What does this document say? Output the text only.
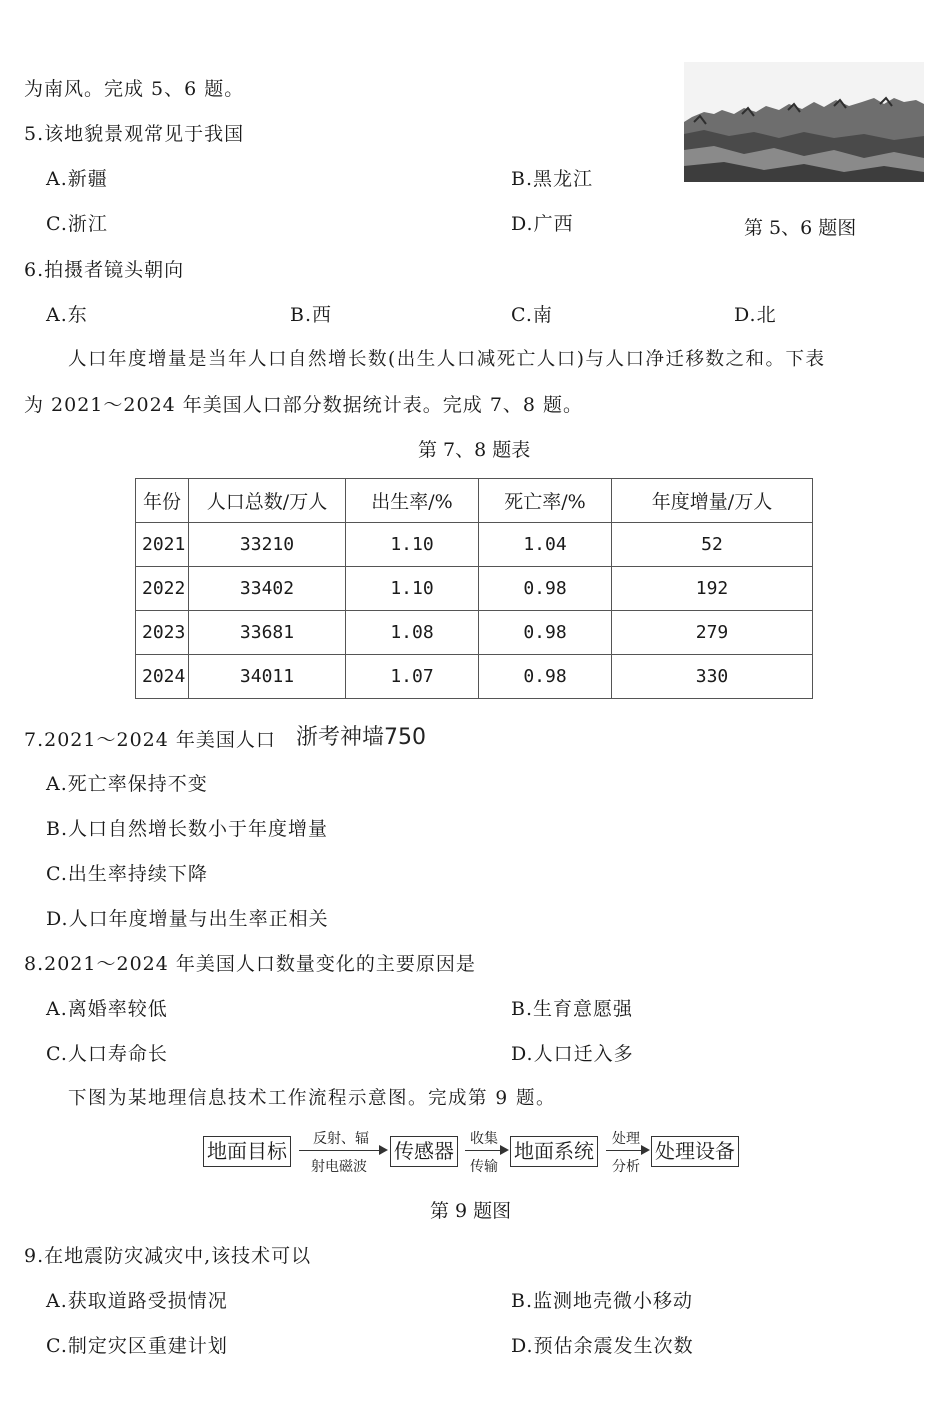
为南风。完成 5、6 题。
5.该地貌景观常见于我国
A.新疆	B.黑龙江
C.浙江	D.广西	第 5、6 题图
6.拍摄者镜头朝向
A.东	B.西	C.南	D.北
人口年度增量是当年人口自然增长数(出生人口减死亡人口)与人口净迁移数之和。下表
为 2021～2024 年美国人口部分数据统计表。完成 7、8 题。
第 7、8 题表
年份	人口总数/万人	出生率/%	死亡率/%	年度增量/万人
2021	33210	1.10	1.04	52
2022	33402	1.10	0.98	192
2023	33681	1.08	0.98	279
2024	34011	1.07	0.98	330
7.2021～2024 年美国人口 浙考神墙750
A.死亡率保持不变
B.人口自然增长数小于年度增量
C.出生率持续下降
D.人口年度增量与出生率正相关
8.2021～2024 年美国人口数量变化的主要原因是
A.离婚率较低	B.生育意愿强
C.人口寿命长	D.人口迁入多
下图为某地理信息技术工作流程示意图。完成第 9 题。
地面目标 反射、辐
射电磁波
传感器 收集
传输
地面系统 处理
分析
处理设备
第 9 题图
9.在地震防灾减灾中,该技术可以
A.获取道路受损情况	B.监测地壳微小移动
C.制定灾区重建计划	D.预估余震发生次数
